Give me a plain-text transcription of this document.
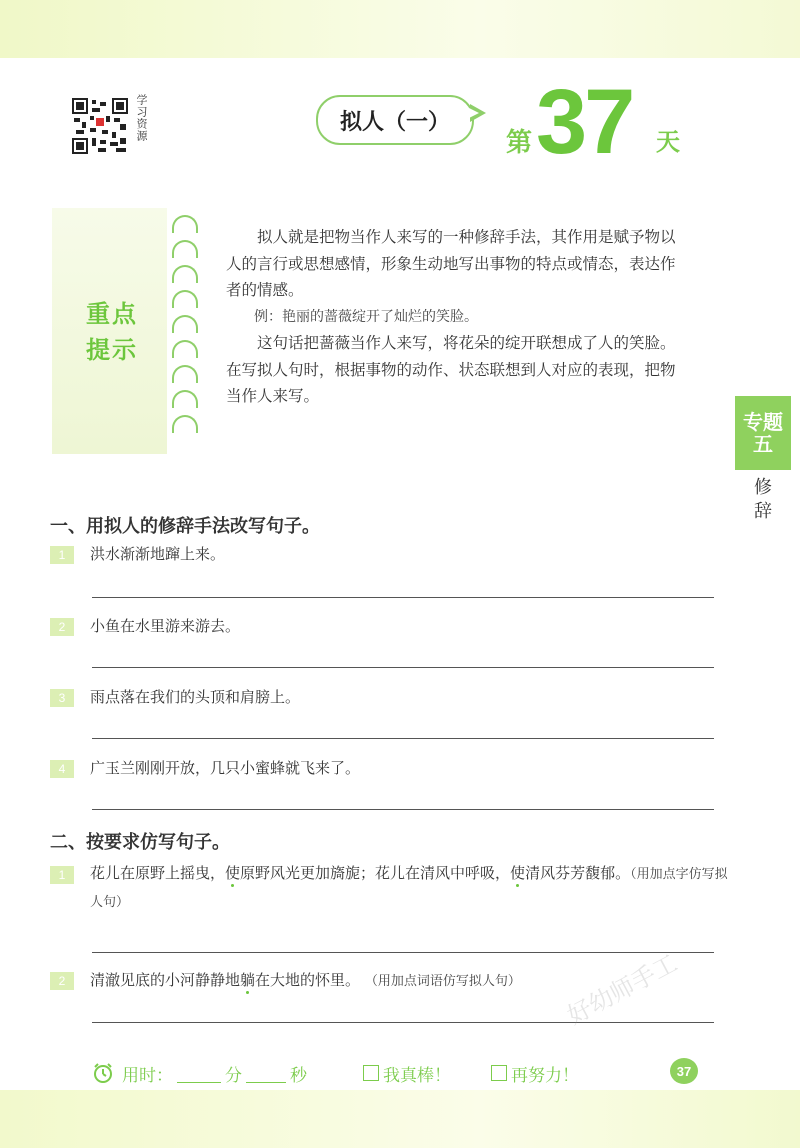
学习资源	拟人（一）
第 37 天
重点提示

拟人就是把物当作人来写的一种修辞手法，其作用是赋予物以人的言行或思想感情，形象生动地写出事物的特点或情态，表达作者的情感。

例：艳丽的蔷薇绽开了灿烂的笑脸。

这句话把蔷薇当作人来写，将花朵的绽开联想成了人的笑脸。在写拟人句时，根据事物的动作、状态联想到人对应的表现，把物当作人来写。

专题
五
修辞
一、用拟人的修辞手法改写句子。
1	洪水渐渐地蹿上来。
2	小鱼在水里游来游去。
3	雨点落在我们的头顶和肩膀上。
4	广玉兰刚刚开放，几只小蜜蜂就飞来了。
二、按要求仿写句子。
1	花儿在原野上摇曳，使原野风光更加旖旎；花儿在清风中呼吸，使清风芬芳馥郁。（用加点字仿写拟人句）
2	清澈见底的小河静静地躺在大地的怀里。 （用加点词语仿写拟人句） 好幼师手工
用时：	分	秒	我真棒！	再努力！	37
